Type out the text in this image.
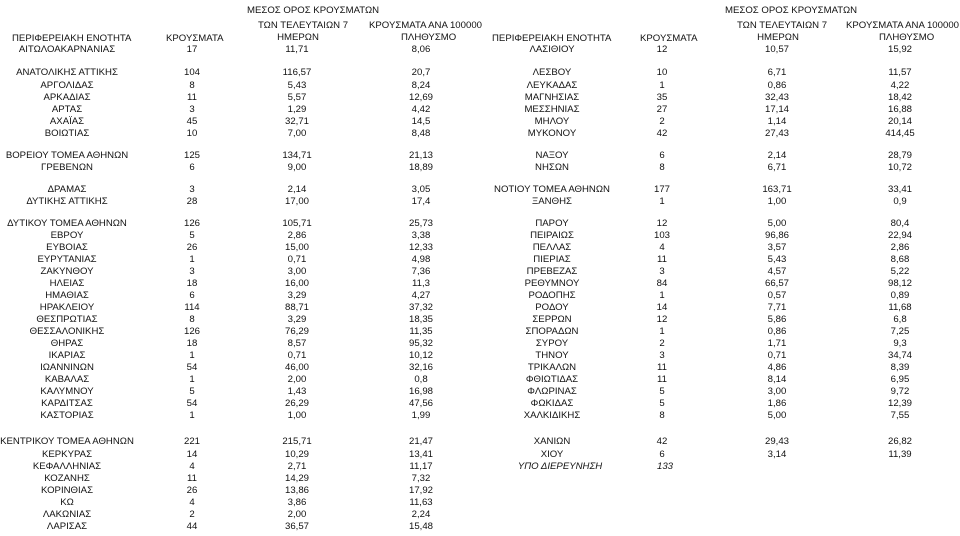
ΠΕΡΙΦΕΡΕΙΑΚΗ ΕΝΟΤΗΤΑ	ΚΡΟΥΣΜΑΤΑ
ΜΕΣΟΣ ΟΡΟΣ ΚΡΟΥΣΜΑΤΩΝ
ΤΩΝ ΤΕΛΕΥΤΑΙΩΝ 7
ΗΜΕΡΩΝ
ΚΡΟΥΣΜΑΤΑ ΑΝΑ 100000
ΠΛΗΘΥΣΜΟ
ΑΙΤΩΛΟΑΚΑΡΝΑΝΙΑΣ	17	11,71	8,06
ΑΝΑΤΟΛΙΚΗΣ ΑΤΤΙΚΗΣ	104	116,57	20,7
ΑΡΓΟΛΙΔΑΣ	8	5,43	8,24
ΑΡΚΑΔΙΑΣ	11	5,57	12,69
ΑΡΤΑΣ	3	1,29	4,42
ΑΧΑΪΑΣ	45	32,71	14,5
ΒΟΙΩΤΙΑΣ	10	7,00	8,48
ΒΟΡΕΙΟΥ ΤΟΜΕΑ ΑΘΗΝΩΝ	125	134,71	21,13
ΓΡΕΒΕΝΩΝ	6	9,00	18,89
ΔΡΑΜΑΣ	3	2,14	3,05
ΔΥΤΙΚΗΣ ΑΤΤΙΚΗΣ	28	17,00	17,4
ΔΥΤΙΚΟΥ ΤΟΜΕΑ ΑΘΗΝΩΝ	126	105,71	25,73
ΕΒΡΟΥ	5	2,86	3,38
ΕΥΒΟΙΑΣ	26	15,00	12,33
ΕΥΡΥΤΑΝΙΑΣ	1	0,71	4,98
ΖΑΚΥΝΘΟΥ	3	3,00	7,36
ΗΛΕΙΑΣ	18	16,00	11,3
ΗΜΑΘΙΑΣ	6	3,29	4,27
ΗΡΑΚΛΕΙΟΥ	114	88,71	37,32
ΘΕΣΠΡΩΤΙΑΣ	8	3,29	18,35
ΘΕΣΣΑΛΟΝΙΚΗΣ	126	76,29	11,35
ΘΗΡΑΣ	18	8,57	95,32
ΙΚΑΡΙΑΣ	1	0,71	10,12
ΙΩΑΝΝΙΝΩΝ	54	46,00	32,16
ΚΑΒΑΛΑΣ	1	2,00	0,8
ΚΑΛΥΜΝΟΥ	5	1,43	16,98
ΚΑΡΔΙΤΣΑΣ	54	26,29	47,56
ΚΑΣΤΟΡΙΑΣ	1	1,00	1,99
ΚΕΝΤΡΙΚΟΥ ΤΟΜΕΑ ΑΘΗΝΩΝ	221	215,71	21,47
ΚΕΡΚΥΡΑΣ	14	10,29	13,41
ΚΕΦΑΛΛΗΝΙΑΣ	4	2,71	11,17
ΚΟΖΑΝΗΣ	11	14,29	7,32
ΚΟΡΙΝΘΙΑΣ	26	13,86	17,92
ΚΩ	4	3,86	11,63
ΛΑΚΩΝΙΑΣ	2	2,00	2,24
ΛΑΡΙΣΑΣ	44	36,57	15,48
ΠΕΡΙΦΕΡΕΙΑΚΗ ΕΝΟΤΗΤΑ	ΚΡΟΥΣΜΑΤΑ
ΜΕΣΟΣ ΟΡΟΣ ΚΡΟΥΣΜΑΤΩΝ
ΤΩΝ ΤΕΛΕΥΤΑΙΩΝ 7
ΗΜΕΡΩΝ
ΚΡΟΥΣΜΑΤΑ ΑΝΑ 100000
ΠΛΗΘΥΣΜΟ
ΛΑΣΙΘΙΟΥ	12	10,57	15,92
ΛΕΣΒΟΥ	10	6,71	11,57
ΛΕΥΚΑΔΑΣ	1	0,86	4,22
ΜΑΓΝΗΣΙΑΣ	35	32,43	18,42
ΜΕΣΣΗΝΙΑΣ	27	17,14	16,88
ΜΗΛΟΥ	2	1,14	20,14
ΜΥΚΟΝΟΥ	42	27,43	414,45
ΝΑΞΟΥ	6	2,14	28,79
ΝΗΣΩΝ	8	6,71	10,72
ΝΟΤΙΟΥ ΤΟΜΕΑ ΑΘΗΝΩΝ	177	163,71	33,41
ΞΑΝΘΗΣ	1	1,00	0,9
ΠΑΡΟΥ	12	5,00	80,4
ΠΕΙΡΑΙΩΣ	103	96,86	22,94
ΠΕΛΛΑΣ	4	3,57	2,86
ΠΙΕΡΙΑΣ	11	5,43	8,68
ΠΡΕΒΕΖΑΣ	3	4,57	5,22
ΡΕΘΥΜΝΟΥ	84	66,57	98,12
ΡΟΔΟΠΗΣ	1	0,57	0,89
ΡΟΔΟΥ	14	7,71	11,68
ΣΕΡΡΩΝ	12	5,86	6,8
ΣΠΟΡΑΔΩΝ	1	0,86	7,25
ΣΥΡΟΥ	2	1,71	9,3
ΤΗΝΟΥ	3	0,71	34,74
ΤΡΙΚΑΛΩΝ	11	4,86	8,39
ΦΘΙΩΤΙΔΑΣ	11	8,14	6,95
ΦΛΩΡΙΝΑΣ	5	3,00	9,72
ΦΩΚΙΔΑΣ	5	1,86	12,39
ΧΑΛΚΙΔΙΚΗΣ	8	5,00	7,55
ΧΑΝΙΩΝ	42	29,43	26,82
ΧΙΟΥ	6	3,14	11,39
ΥΠΟ ΔΙΕΡΕΥΝΗΣΗ	133
